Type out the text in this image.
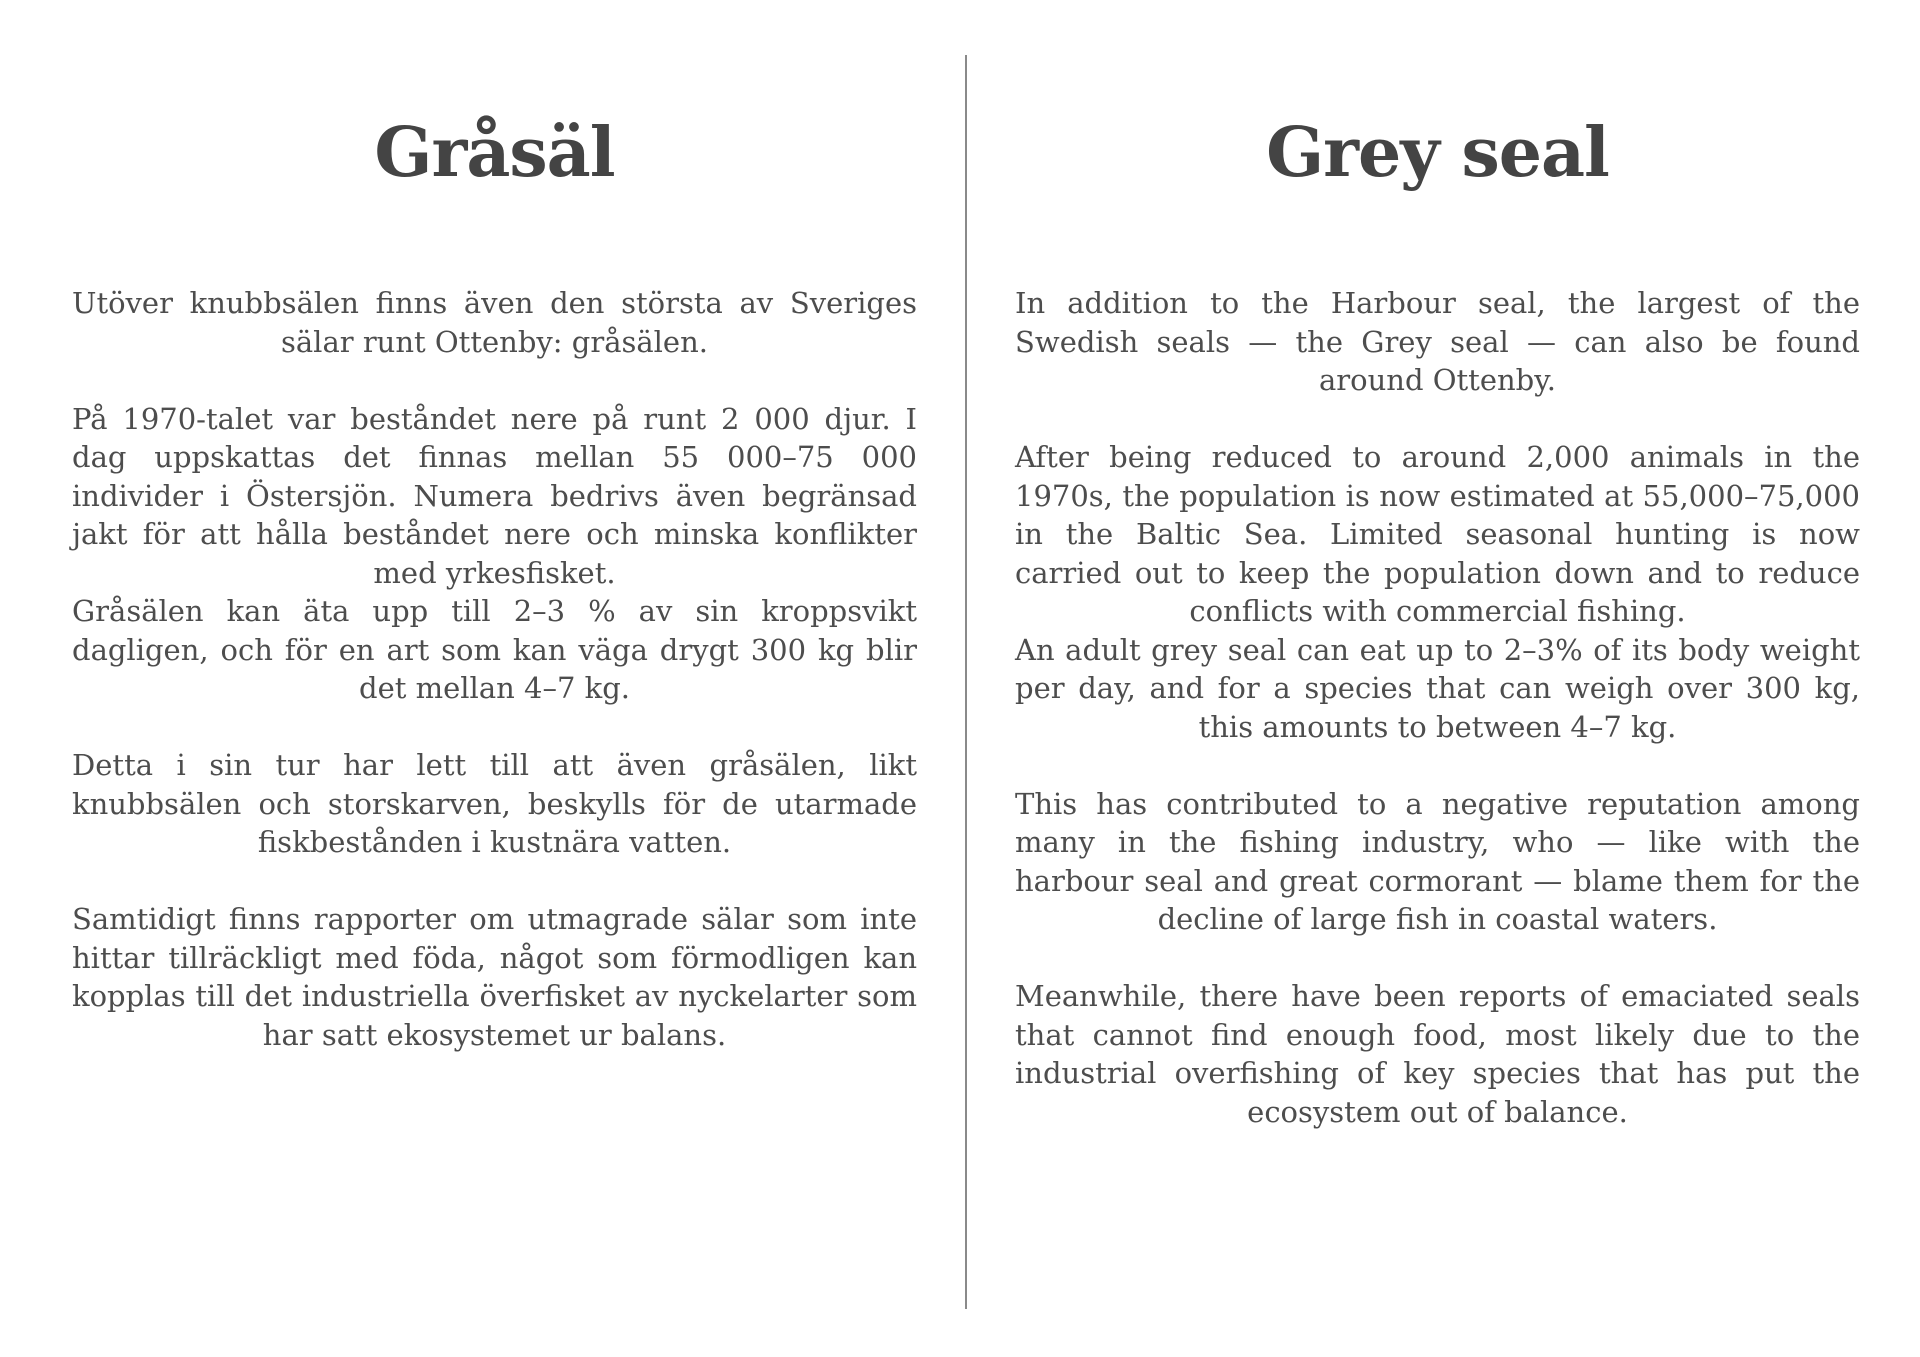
Gråsäl

Utöver knubbsälen finns även den största av Sveriges sälar runt Ottenby: gråsälen.

På 1970-talet var beståndet nere på runt 2 000 djur. I dag uppskattas det finnas mellan 55 000–75 000 individer i Östersjön. Numera bedrivs även begränsad jakt för att hålla beståndet nere och minska konflikter med yrkesfisket.

Gråsälen kan äta upp till 2–3 % av sin kroppsvikt dagligen, och för en art som kan väga drygt 300 kg blir det mellan 4–7 kg.

Detta i sin tur har lett till att även gråsälen, likt knubbsälen och storskarven, beskylls för de utarmade fiskbestånden i kustnära vatten.

Samtidigt finns rapporter om utmagrade sälar som inte hittar tillräckligt med föda, något som förmodligen kan kopplas till det industriella överfisket av nyckelarter som har satt ekosystemet ur balans.

Grey seal

In addition to the Harbour seal, the largest of the Swedish seals — the Grey seal — can also be found around Ottenby.

After being reduced to around 2,000 animals in the 1970s, the population is now estimated at 55,000–75,000 in the Baltic Sea. Limited seasonal hunting is now carried out to keep the population down and to reduce conflicts with commercial fishing.

An adult grey seal can eat up to 2–3% of its body weight per day, and for a species that can weigh over 300 kg, this amounts to between 4–7 kg.

This has contributed to a negative reputation among many in the fishing industry, who — like with the harbour seal and great cormorant — blame them for the decline of large fish in coastal waters.

Meanwhile, there have been reports of emaciated seals that cannot find enough food, most likely due to the industrial overfishing of key species that has put the ecosystem out of balance.
